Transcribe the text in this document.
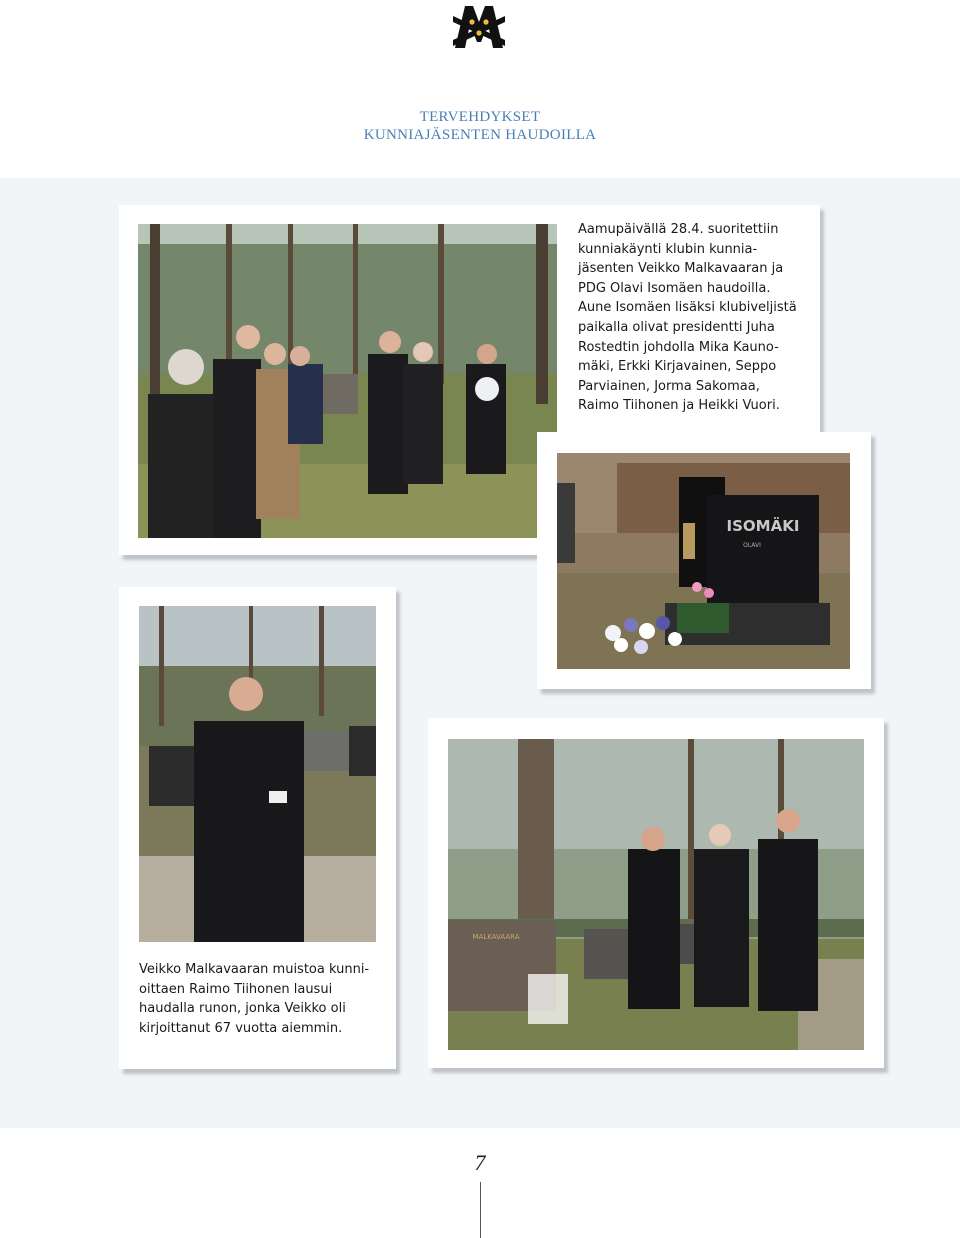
TERVEHDYKSET
KUNNIAJÄSENTEN HAUDOILLA
Aamupäivällä 28.4. suoritettiin
kunniakäynti klubin kunnia-
jäsenten Veikko Malkavaaran ja
PDG Olavi Isomäen haudoilla.
Aune Isomäen lisäksi klubiveljistä
paikalla olivat presidentti Juha
Rostedtin johdolla Mika Kauno-
mäki, Erkki Kirjavainen, Seppo
Parviainen, Jorma Sakomaa,
Raimo Tiihonen ja Heikki Vuori.
ISOMÄKI
OLAVI
Veikko Malkavaaran muistoa kunni-
oittaen Raimo Tiihonen lausui
haudalla runon, jonka Veikko oli
kirjoittanut 67 vuotta aiemmin.
MALKAVAARA
7
